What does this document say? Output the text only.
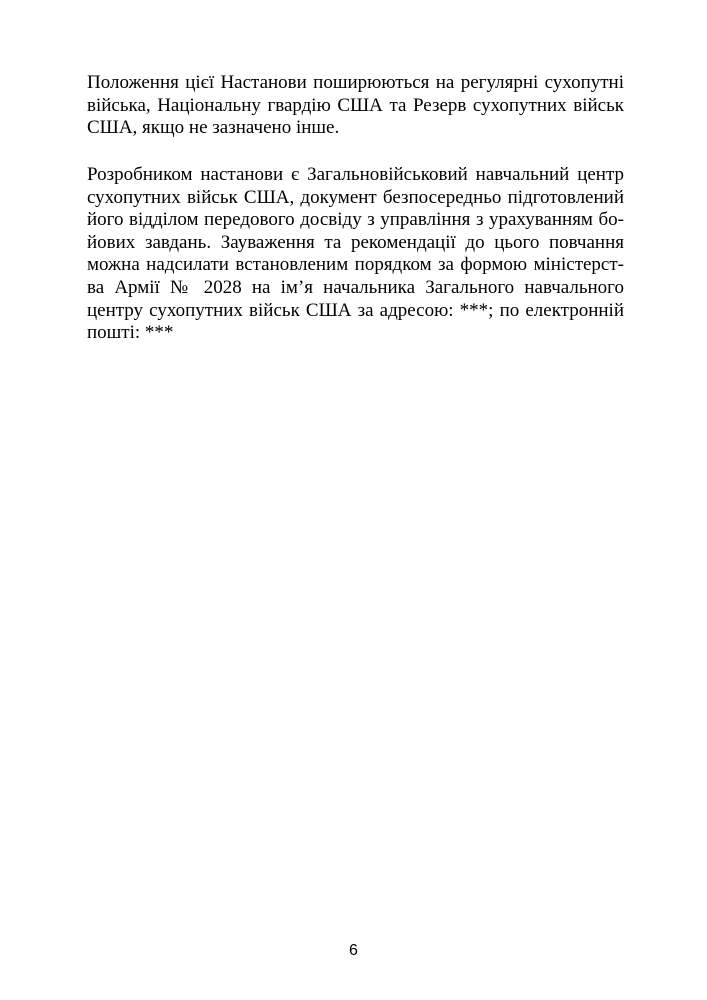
Положення цієї Настанови поширюються на регулярні сухопутні
війська, Національну гвардію США та Резерв сухопутних військ
США, якщо не зазначено інше.
Розробником настанови є Загальновійськовий навчальний центр
сухопутних військ США, документ безпосередньо підготовлений
його відділом передового досвіду з управління з урахуванням бо-
йових завдань. Зауваження та рекомендації до цього повчання
можна надсилати встановленим порядком за формою міністерст-
ва Армії № 2028 на ім’я начальника Загального навчального
центру сухопутних військ США за адресою: ***; по електронній
пошті: ***
6
